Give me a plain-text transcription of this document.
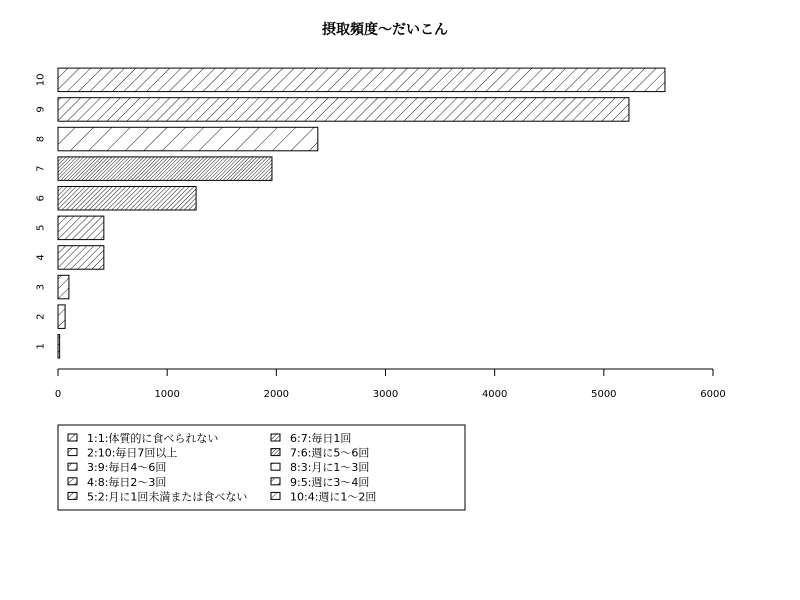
摂取頻度〜だいこん
1
2
3
4
5
6
7
8
9
10
0	1000	2000	3000	4000	5000	6000
1:1:体質的に食べられない
2:10:毎日7回以上
3:9:毎日4〜6回
4:8:毎日2〜3回
5:2:月に1回未満または食べない
6:7:毎日1回
7:6:週に5〜6回
8:3:月に1〜3回
9:5:週に3〜4回
10:4:週に1〜2回
